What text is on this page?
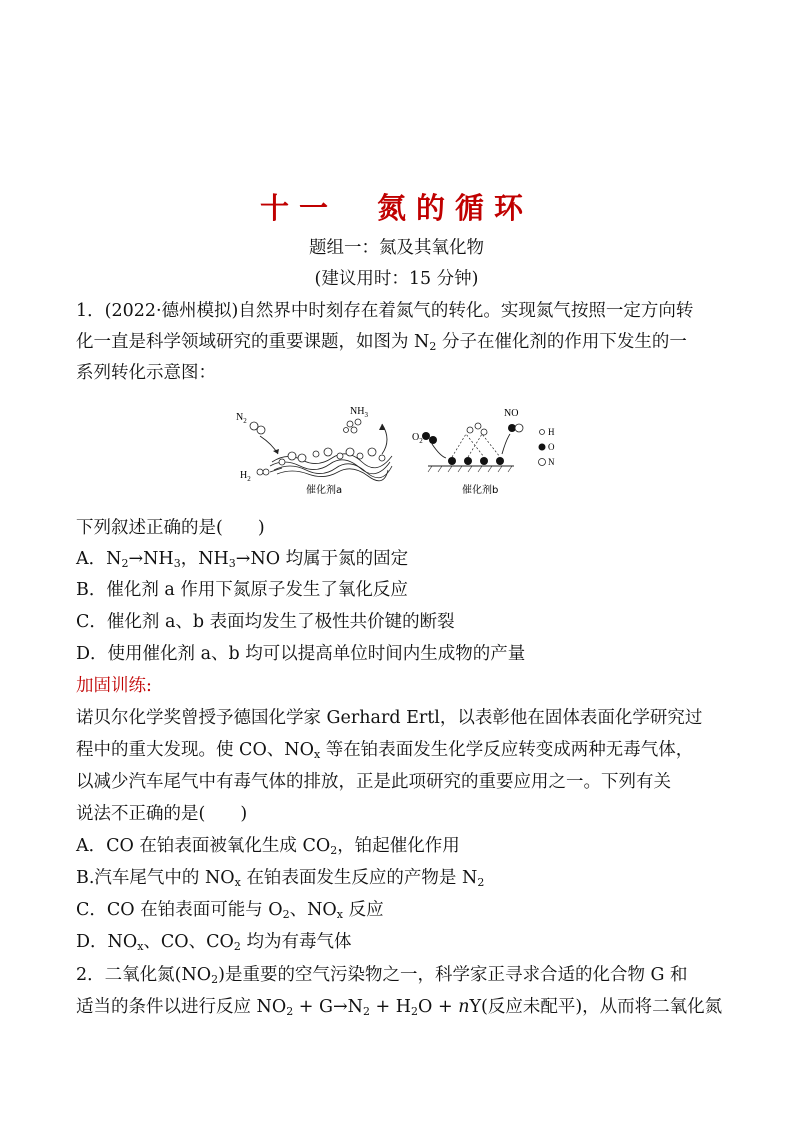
十一　氮的循环
题组一：氮及其氧化物
(建议用时：15 分钟)
1．(2022·德州模拟)自然界中时刻存在着氮气的转化。实现氮气按照一定方向转
化一直是科学领域研究的重要课题，如图为 $N_2$ 分子在催化剂的作用下发生的一
系列转化示意图：
$N_2$
$H_2$
$NH_3$
催化剂a
$O_2$
NO
催化剂b
H
O
N
下列叙述正确的是(　　)
A．$N_2\to NH_3$，$NH_3\to NO$ 均属于氮的固定
B．催化剂 a 作用下氮原子发生了氧化反应
C．催化剂 a、b 表面均发生了极性共价键的断裂
D．使用催化剂 a、b 均可以提高单位时间内生成物的产量
加固训练:
诺贝尔化学奖曾授予德国化学家 Gerhard Ertl，以表彰他在固体表面化学研究过
程中的重大发现。使 CO、$NO_x$ 等在铂表面发生化学反应转变成两种无毒气体，
以减少汽车尾气中有毒气体的排放，正是此项研究的重要应用之一。下列有关
说法不正确的是(　　)
A．CO 在铂表面被氧化生成 $CO_2$，铂起催化作用
B.汽车尾气中的 $NO_x$ 在铂表面发生反应的产物是 $N_2$
C．CO 在铂表面可能与 $O_2$、$NO_x$ 反应
D．$NO_x$、CO、$CO_2$ 均为有毒气体
2．二氧化氮$(NO_2)$是重要的空气污染物之一，科学家正寻求合适的化合物 G 和
适当的条件以进行反应 $NO_2 + G\to N_2 + H_2O + nY$(反应未配平)，从而将二氧化氮
